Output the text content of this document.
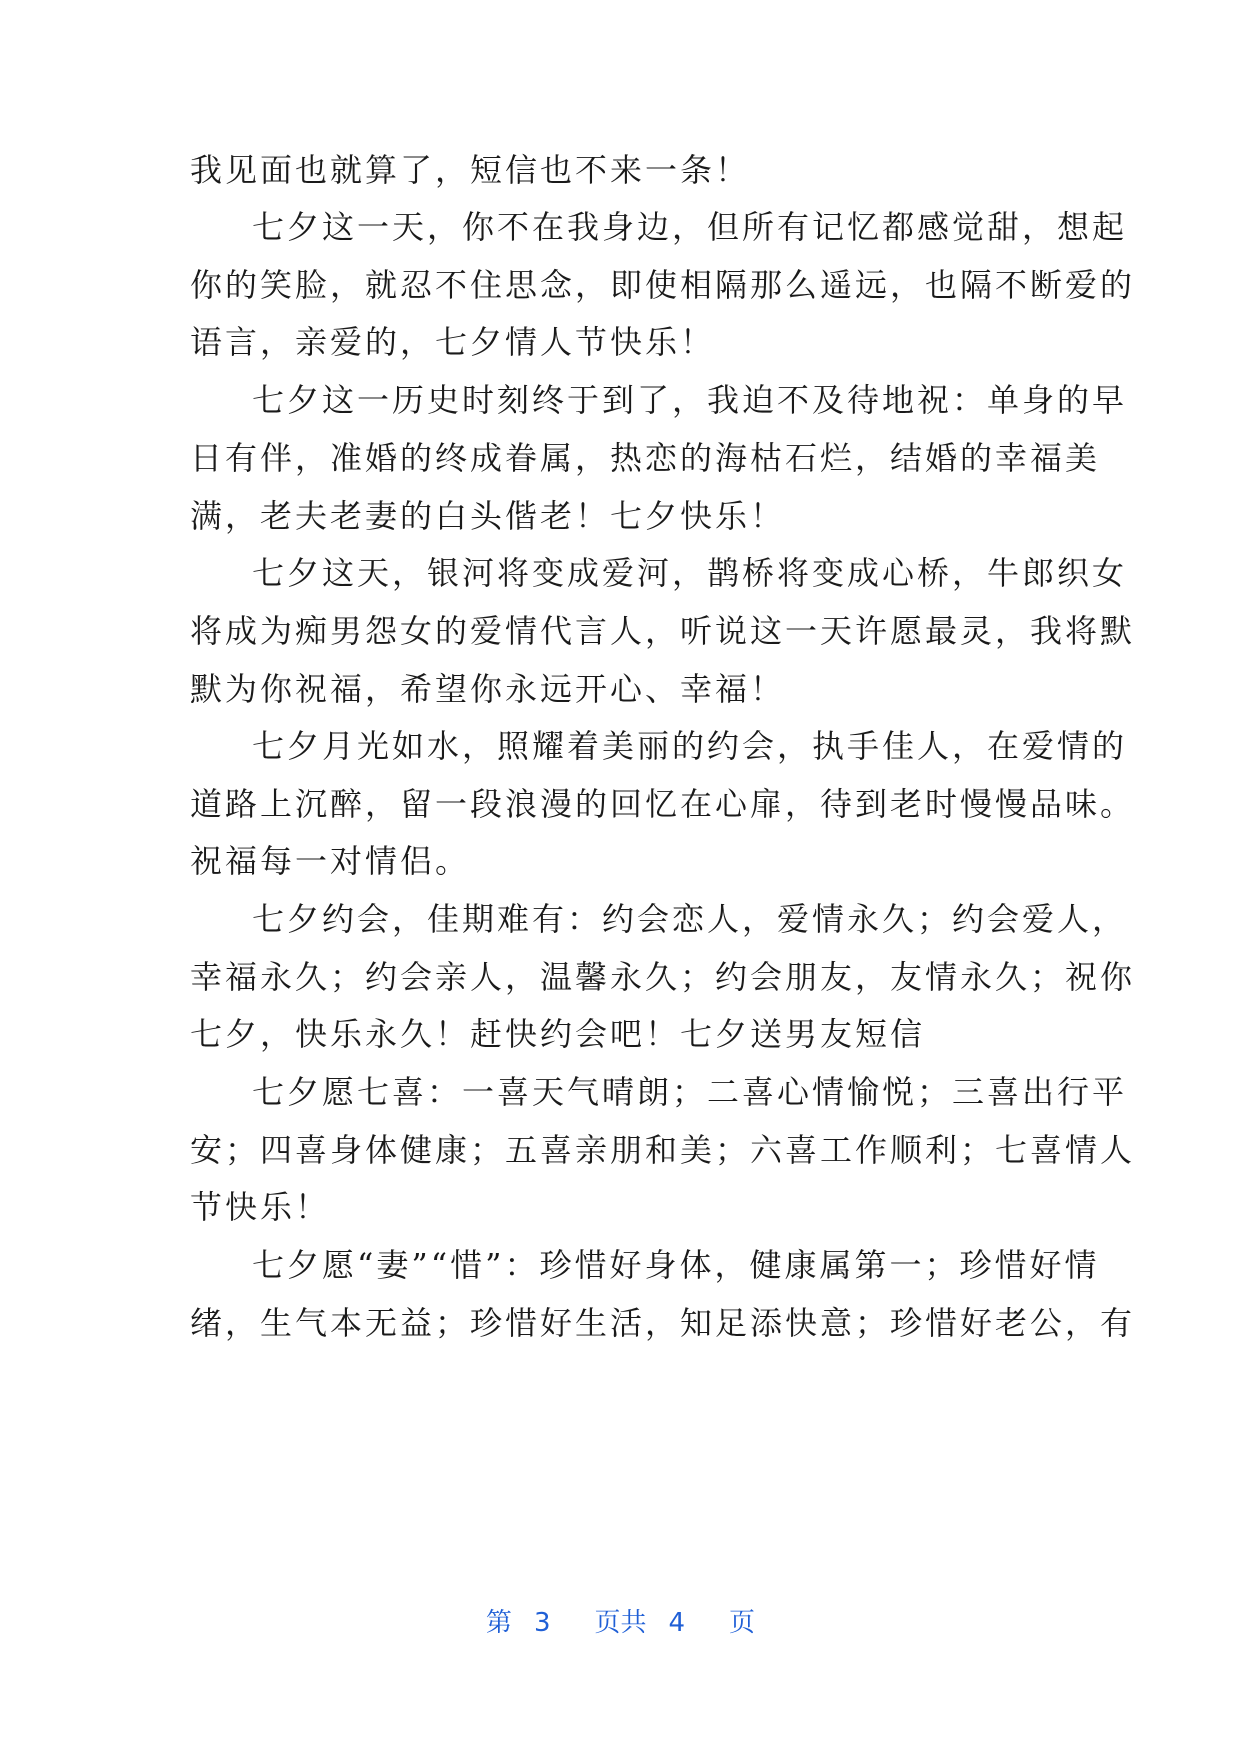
我见面也就算了，短信也不来一条！
七夕这一天，你不在我身边，但所有记忆都感觉甜，想起
你的笑脸，就忍不住思念，即使相隔那么遥远，也隔不断爱的
语言，亲爱的，七夕情人节快乐！
七夕这一历史时刻终于到了，我迫不及待地祝：单身的早
日有伴，准婚的终成眷属，热恋的海枯石烂，结婚的幸福美
满，老夫老妻的白头偕老！七夕快乐！
七夕这天，银河将变成爱河，鹊桥将变成心桥，牛郎织女
将成为痴男怨女的爱情代言人，听说这一天许愿最灵，我将默
默为你祝福，希望你永远开心、幸福！
七夕月光如水，照耀着美丽的约会，执手佳人，在爱情的
道路上沉醉，留一段浪漫的回忆在心扉，待到老时慢慢品味。
祝福每一对情侣。
七夕约会，佳期难有：约会恋人，爱情永久；约会爱人，
幸福永久；约会亲人，温馨永久；约会朋友，友情永久；祝你
七夕，快乐永久！赶快约会吧！七夕送男友短信
七夕愿七喜：一喜天气晴朗；二喜心情愉悦；三喜出行平
安；四喜身体健康；五喜亲朋和美；六喜工作顺利；七喜情人
节快乐！
七夕愿“妻”“惜”：珍惜好身体，健康属第一；珍惜好情
绪，生气本无益；珍惜好生活，知足添快意；珍惜好老公，有
第 3 页共 4 页
